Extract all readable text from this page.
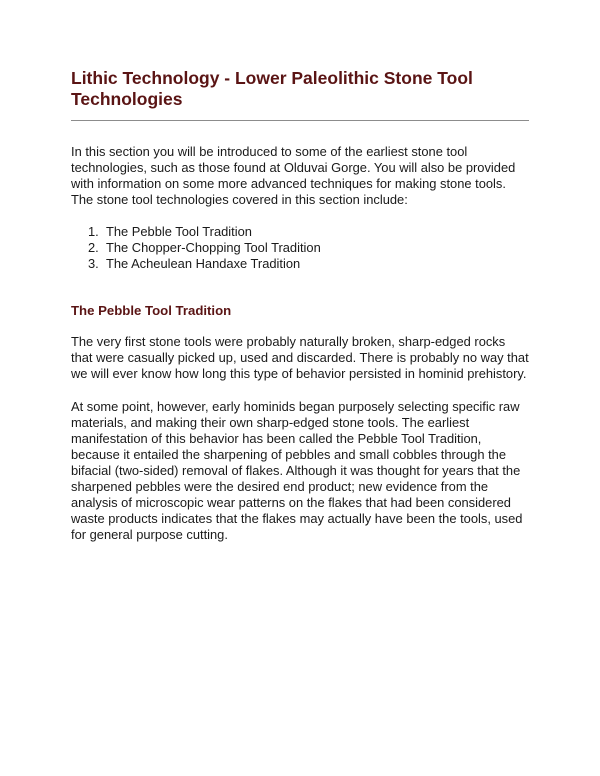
Lithic Technology - Lower Paleolithic Stone Tool Technologies

In this section you will be introduced to some of the earliest stone tool technologies, such as those found at Olduvai Gorge. You will also be provided with information on some more advanced techniques for making stone tools. The stone tool technologies covered in this section include:

1. The Pebble Tool Tradition
2. The Chopper-Chopping Tool Tradition
3. The Acheulean Handaxe Tradition
The Pebble Tool Tradition

The very first stone tools were probably naturally broken, sharp-edged rocks that were casually picked up, used and discarded. There is probably no way that we will ever know how long this type of behavior persisted in hominid prehistory.

At some point, however, early hominids began purposely selecting specific raw materials, and making their own sharp-edged stone tools. The earliest manifestation of this behavior has been called the Pebble Tool Tradition, because it entailed the sharpening of pebbles and small cobbles through the bifacial (two-sided) removal of flakes. Although it was thought for years that the sharpened pebbles were the desired end product; new evidence from the analysis of microscopic wear patterns on the flakes that had been considered waste products indicates that the flakes may actually have been the tools, used for general purpose cutting.
